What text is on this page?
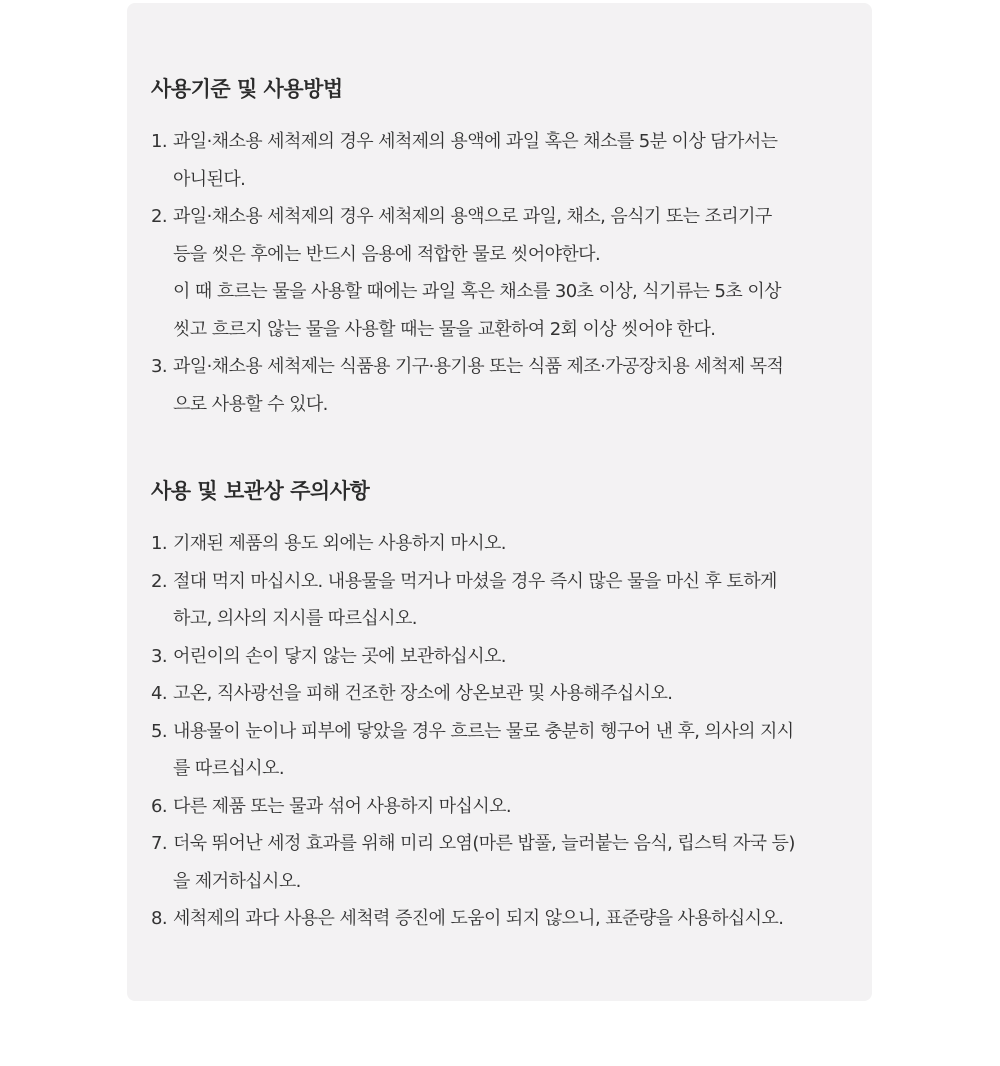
사용기준 및 사용방법
1. 과일·채소용 세척제의 경우 세척제의 용액에 과일 혹은 채소를 5분 이상 담가서는
아니된다.
2. 과일·채소용 세척제의 경우 세척제의 용액으로 과일, 채소, 음식기 또는 조리기구
등을 씻은 후에는 반드시 음용에 적합한 물로 씻어야한다.
이 때 흐르는 물을 사용할 때에는 과일 혹은 채소를 30초 이상, 식기류는 5초 이상
씻고 흐르지 않는 물을 사용할 때는 물을 교환하여 2회 이상 씻어야 한다.
3. 과일·채소용 세척제는 식품용 기구·용기용 또는 식품 제조·가공장치용 세척제 목적
으로 사용할 수 있다.
사용 및 보관상 주의사항
1. 기재된 제품의 용도 외에는 사용하지 마시오.
2. 절대 먹지 마십시오. 내용물을 먹거나 마셨을 경우 즉시 많은 물을 마신 후 토하게
하고, 의사의 지시를 따르십시오.
3. 어린이의 손이 닿지 않는 곳에 보관하십시오.
4. 고온, 직사광선을 피해 건조한 장소에 상온보관 및 사용해주십시오.
5. 내용물이 눈이나 피부에 닿았을 경우 흐르는 물로 충분히 헹구어 낸 후, 의사의 지시
를 따르십시오.
6. 다른 제품 또는 물과 섞어 사용하지 마십시오.
7. 더욱 뛰어난 세정 효과를 위해 미리 오염(마른 밥풀, 늘러붙는 음식, 립스틱 자국 등)
을 제거하십시오.
8. 세척제의 과다 사용은 세척력 증진에 도움이 되지 않으니, 표준량을 사용하십시오.
